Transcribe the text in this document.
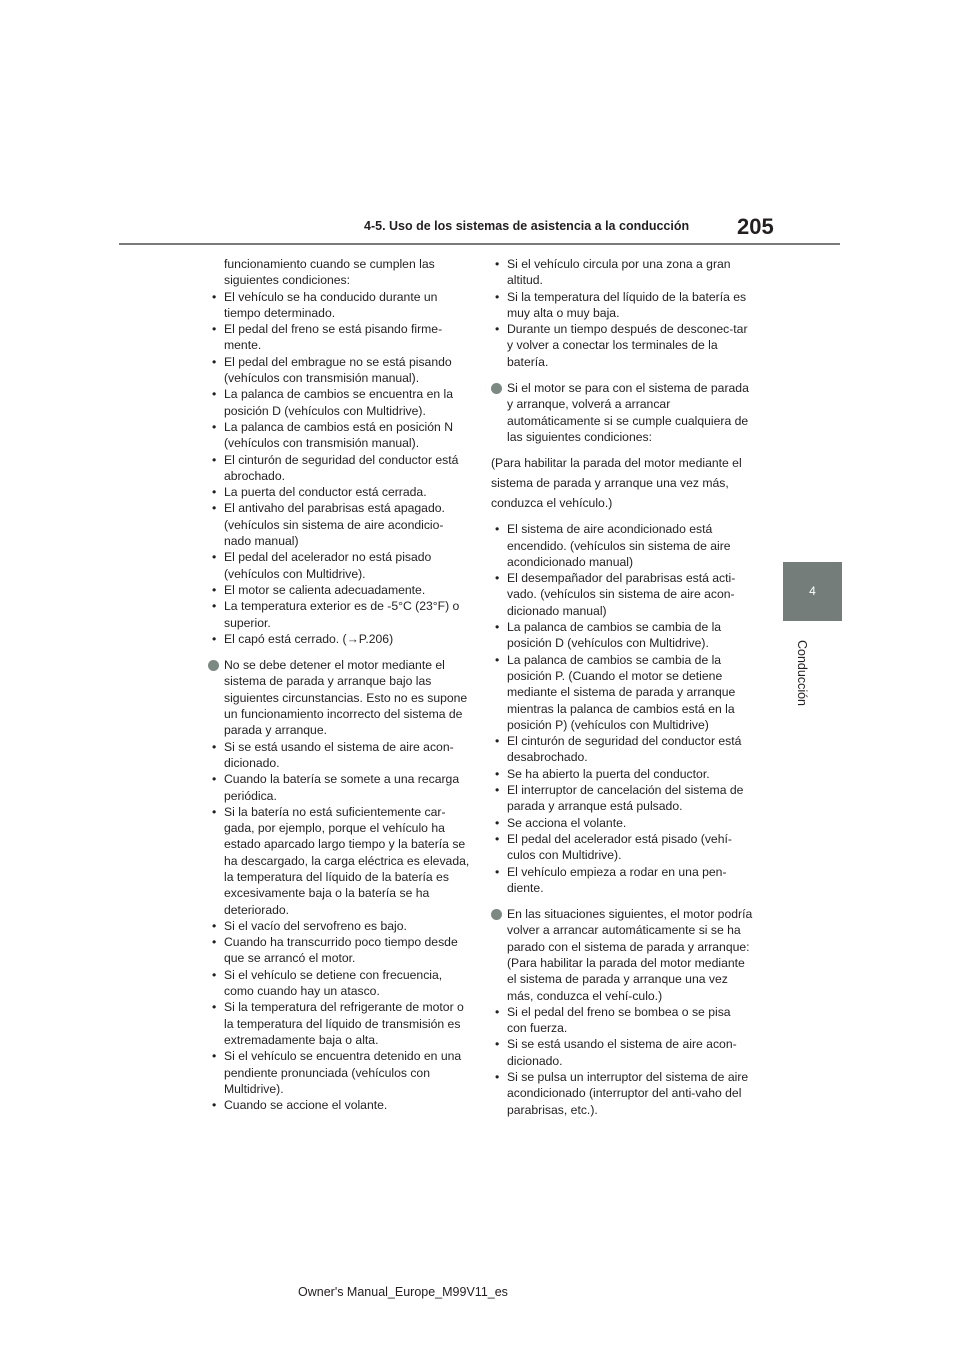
4-5. Uso de los sistemas de asistencia a la conducción 205
4
Conducción
funcionamiento cuando se cumplen las siguientes condiciones:
• El vehículo se ha conducido durante un tiempo determinado.
• El pedal del freno se está pisando firme-mente.
• El pedal del embrague no se está pisando (vehículos con transmisión manual).
• La palanca de cambios se encuentra en la posición D (vehículos con Multidrive).
• La palanca de cambios está en posición N (vehículos con transmisión manual).
• El cinturón de seguridad del conductor está abrochado.
• La puerta del conductor está cerrada.
• El antivaho del parabrisas está apagado. (vehículos sin sistema de aire acondicio-nado manual)
• El pedal del acelerador no está pisado (vehículos con Multidrive).
• El motor se calienta adecuadamente.
• La temperatura exterior es de -5°C (23°F) o superior.
• El capó está cerrado. (→P.206)
No se debe detener el motor mediante el sistema de parada y arranque bajo las siguientes circunstancias. Esto no es supone un funcionamiento incorrecto del sistema de parada y arranque.
• Si se está usando el sistema de aire acon-dicionado.
• Cuando la batería se somete a una recarga periódica.
• Si la batería no está suficientemente car-gada, por ejemplo, porque el vehículo ha estado aparcado largo tiempo y la batería se ha descargado, la carga eléctrica es elevada, la temperatura del líquido de la batería es excesivamente baja o la batería se ha deteriorado.
• Si el vacío del servofreno es bajo.
• Cuando ha transcurrido poco tiempo desde que se arrancó el motor.
• Si el vehículo se detiene con frecuencia, como cuando hay un atasco.
• Si la temperatura del refrigerante de motor o la temperatura del líquido de transmisión es extremadamente baja o alta.
• Si el vehículo se encuentra detenido en una pendiente pronunciada (vehículos con Multidrive).
• Cuando se accione el volante.
• Si el vehículo circula por una zona a gran altitud.
• Si la temperatura del líquido de la batería es muy alta o muy baja.
• Durante un tiempo después de desconec-tar y volver a conectar los terminales de la batería.
Si el motor se para con el sistema de parada y arranque, volverá a arrancar automáticamente si se cumple cualquiera de las siguientes condiciones:
(Para habilitar la parada del motor mediante el sistema de parada y arranque una vez más, conduzca el vehículo.)
• El sistema de aire acondicionado está encendido. (vehículos sin sistema de aire acondicionado manual)
• El desempañador del parabrisas está acti-vado. (vehículos sin sistema de aire acon-dicionado manual)
• La palanca de cambios se cambia de la posición D (vehículos con Multidrive).
• La palanca de cambios se cambia de la posición P. (Cuando el motor se detiene mediante el sistema de parada y arranque mientras la palanca de cambios está en la posición P) (vehículos con Multidrive)
• El cinturón de seguridad del conductor está desabrochado.
• Se ha abierto la puerta del conductor.
• El interruptor de cancelación del sistema de parada y arranque está pulsado.
• Se acciona el volante.
• El pedal del acelerador está pisado (vehí-culos con Multidrive).
• El vehículo empieza a rodar en una pen-diente.
En las situaciones siguientes, el motor podría volver a arrancar automáticamente si se ha parado con el sistema de parada y arranque: (Para habilitar la parada del motor mediante el sistema de parada y arranque una vez más, conduzca el vehí-culo.)
• Si el pedal del freno se bombea o se pisa con fuerza.
• Si se está usando el sistema de aire acon-dicionado.
• Si se pulsa un interruptor del sistema de aire acondicionado (interruptor del anti-vaho del parabrisas, etc.).
Owner's Manual_Europe_M99V11_es
